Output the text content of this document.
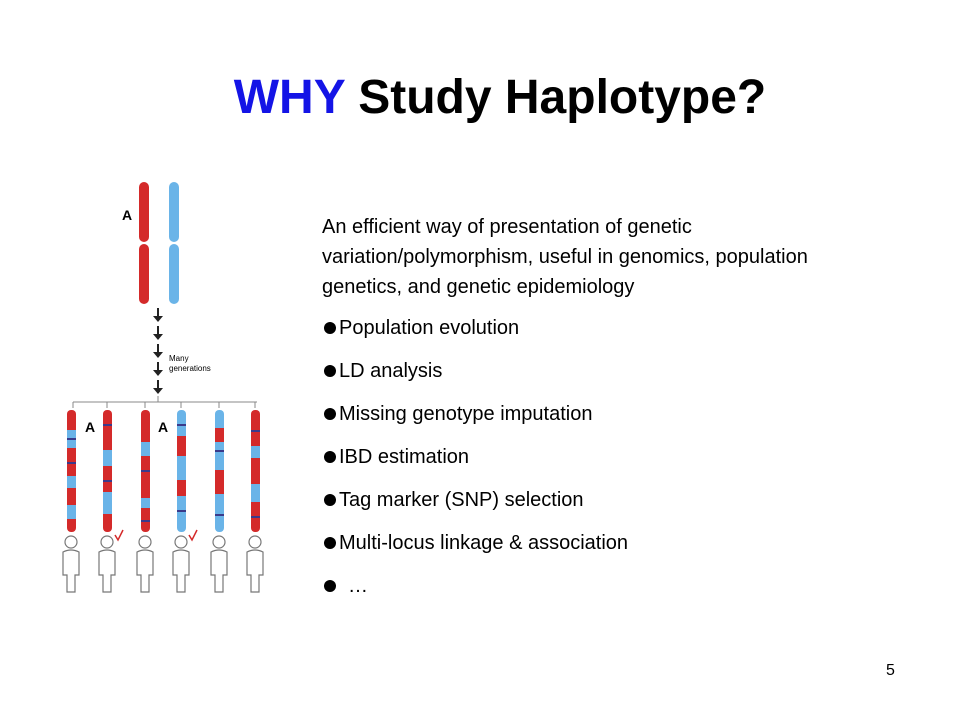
WHY Study Haplotype?
A
Many
generations
A	A

An efficient way of presentation of genetic variation/polymorphism, useful in genomics, population genetics, and genetic epidemiology

Population evolution
LD analysis
Missing genotype imputation
IBD estimation
Tag marker (SNP) selection
Multi-locus linkage & association
…
5
